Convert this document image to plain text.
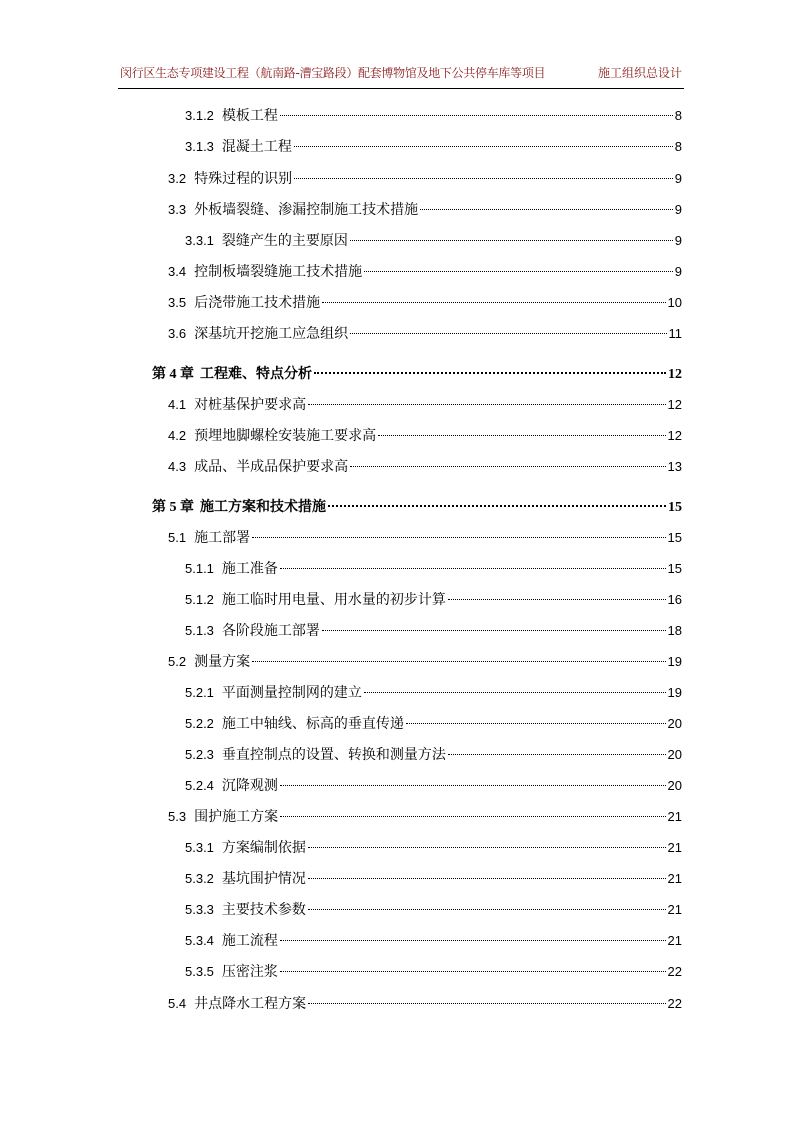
闵行区生态专项建设工程（航南路-漕宝路段）配套博物馆及地下公共停车库等项目	施工组织总设计
3.1.2 模板工程	8
3.1.3 混凝土工程	8
3.2 特殊过程的识别	9
3.3 外板墙裂缝、渗漏控制施工技术措施	9
3.3.1 裂缝产生的主要原因	9
3.4 控制板墙裂缝施工技术措施	9
3.5 后浇带施工技术措施	10
3.6 深基坑开挖施工应急组织	11
第 4 章 工程难、特点分析	12
4.1 对桩基保护要求高	12
4.2 预埋地脚螺栓安装施工要求高	12
4.3 成品、半成品保护要求高	13
第 5 章 施工方案和技术措施	15
5.1 施工部署	15
5.1.1 施工准备	15
5.1.2 施工临时用电量、用水量的初步计算	16
5.1.3 各阶段施工部署	18
5.2 测量方案	19
5.2.1 平面测量控制网的建立	19
5.2.2 施工中轴线、标高的垂直传递	20
5.2.3 垂直控制点的设置、转换和测量方法	20
5.2.4 沉降观测	20
5.3 围护施工方案	21
5.3.1 方案编制依据	21
5.3.2 基坑围护情况	21
5.3.3 主要技术参数	21
5.3.4 施工流程	21
5.3.5 压密注浆	22
5.4 井点降水工程方案	22
